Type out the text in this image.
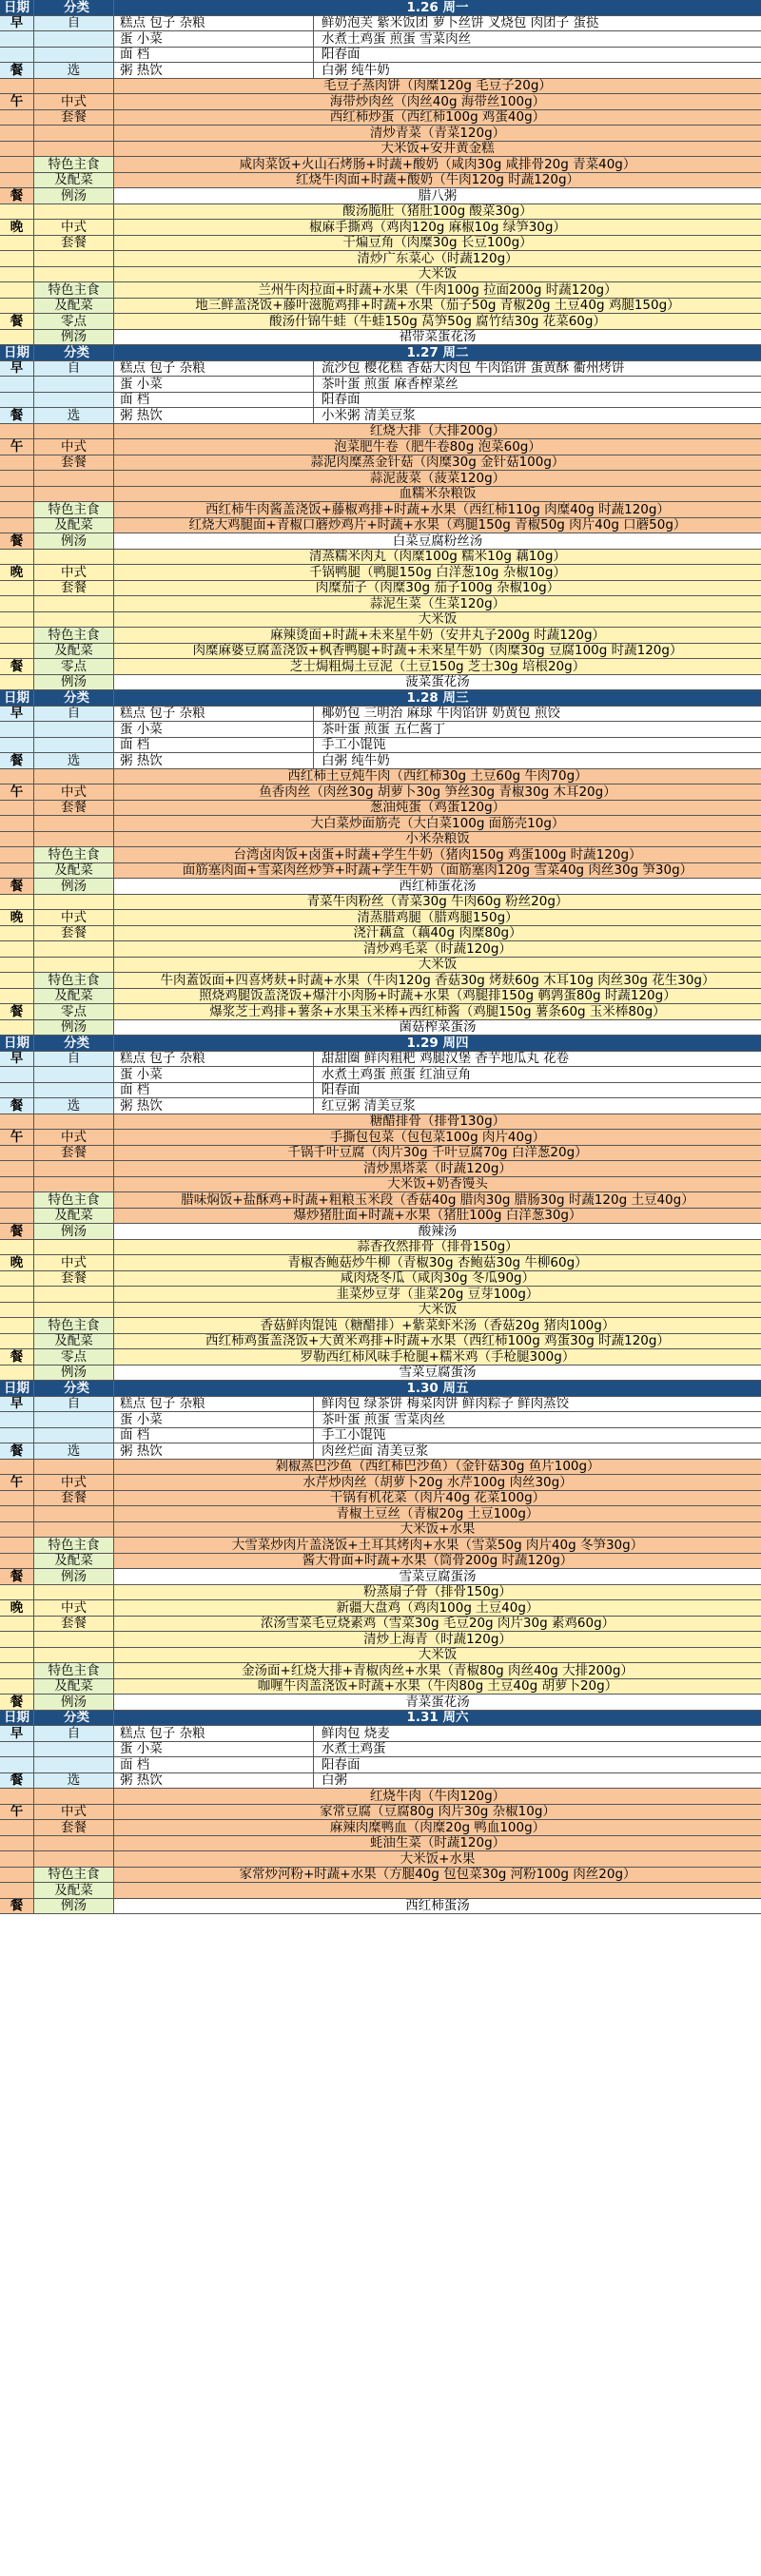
日期	分类	1.26 周一
早	自	糕点 包子 杂粮	鲜奶泡芙 紫米饭团 萝卜丝饼 叉烧包 肉团子 蛋挞
蛋 小菜	水煮土鸡蛋 煎蛋 雪菜肉丝
面 档	阳春面
餐	选	粥 热饮	白粥 纯牛奶
毛豆子蒸肉饼（肉糜120g 毛豆子20g）
午	中式	海带炒肉丝（肉丝40g 海带丝100g）
套餐	西红柿炒蛋（西红柿100g 鸡蛋40g）
清炒青菜（青菜120g）
大米饭+安井黄金糕
特色主食	咸肉菜饭+火山石烤肠+时蔬+酸奶（咸肉30g 咸排骨20g 青菜40g）
及配菜	红烧牛肉面+时蔬+酸奶（牛肉120g 时蔬120g）
餐	例汤	腊八粥
酸汤脆肚（猪肚100g 酸菜30g）
晚	中式	椒麻手撕鸡（鸡肉120g 麻椒10g 绿笋30g）
套餐	干煸豆角（肉糜30g 长豆100g）
清炒广东菜心（时蔬120g）
大米饭
特色主食	兰州牛肉拉面+时蔬+水果（牛肉100g 拉面200g 时蔬120g）
及配菜	地三鲜盖浇饭+藤叶滋脆鸡排+时蔬+水果（茄子50g 青椒20g 土豆40g 鸡腿150g）
餐	零点	酸汤什锦牛蛙（牛蛙150g 莴笋50g 腐竹结30g 花菜60g）
例汤	裙带菜蛋花汤
日期	分类	1.27 周二
早	自	糕点 包子 杂粮	流沙包 樱花糕 香菇大肉包 牛肉馅饼 蛋黄酥 衢州烤饼
蛋 小菜	茶叶蛋 煎蛋 麻香榨菜丝
面 档	阳春面
餐	选	粥 热饮	小米粥 清美豆浆
红烧大排（大排200g）
午	中式	泡菜肥牛卷（肥牛卷80g 泡菜60g）
套餐	蒜泥肉糜蒸金针菇（肉糜30g 金针菇100g）
蒜泥菠菜（菠菜120g）
血糯米杂粮饭
特色主食	西红柿牛肉酱盖浇饭+藤椒鸡排+时蔬+水果（西红柿110g 肉糜40g 时蔬120g）
及配菜	红烧大鸡腿面+青椒口蘑炒鸡片+时蔬+水果（鸡腿150g 青椒50g 肉片40g 口蘑50g）
餐	例汤	白菜豆腐粉丝汤
清蒸糯米肉丸（肉糜100g 糯米10g 藕10g）
晚	中式	千锅鸭腿（鸭腿150g 白洋葱10g 杂椒10g）
套餐	肉糜茄子（肉糜30g 茄子100g 杂椒10g）
蒜泥生菜（生菜120g）
大米饭
特色主食	麻辣烫面+时蔬+未来星牛奶（安井丸子200g 时蔬120g）
及配菜	肉糜麻婆豆腐盖浇饭+枫香鸭腿+时蔬+未来星牛奶（肉糜30g 豆腐100g 时蔬120g）
餐	零点	芝士焗粗焗土豆泥（土豆150g 芝士30g 培根20g）
例汤	菠菜蛋花汤
日期	分类	1.28 周三
早	自	糕点 包子 杂粮	椰奶包 三明治 麻球 牛肉馅饼 奶黄包 煎饺
蛋 小菜	茶叶蛋 煎蛋 五仁酱丁
面 档	手工小馄饨
餐	选	粥 热饮	白粥 纯牛奶
西红柿土豆炖牛肉（西红柿30g 土豆60g 牛肉70g）
午	中式	鱼香肉丝（肉丝30g 胡萝卜30g 笋丝30g 青椒30g 木耳20g）
套餐	葱油炖蛋（鸡蛋120g）
大白菜炒面筋壳（大白菜100g 面筋壳10g）
小米杂粮饭
特色主食	台湾卤肉饭+卤蛋+时蔬+学生牛奶（猪肉150g 鸡蛋100g 时蔬120g）
及配菜	面筋塞肉面+雪菜肉丝炒笋+时蔬+学生牛奶（面筋塞肉120g 雪菜40g 肉丝30g 笋30g）
餐	例汤	西红柿蛋花汤
青菜牛肉粉丝（青菜30g 牛肉60g 粉丝20g）
晚	中式	清蒸腊鸡腿（腊鸡腿150g）
套餐	浇汁藕盒（藕40g 肉糜80g）
清炒鸡毛菜（时蔬120g）
大米饭
特色主食	牛肉蓋饭面+四喜烤麸+时蔬+水果（牛肉120g 香菇30g 烤麸60g 木耳10g 肉丝30g 花生30g）
及配菜	照烧鸡腿饭盖浇饭+爆汁小肉肠+时蔬+水果（鸡腿排150g 鹌鹑蛋80g 时蔬120g）
餐	零点	爆浆芝士鸡排+薯条+水果玉米棒+西红柿酱（鸡腿150g 薯条60g 玉米棒80g）
例汤	菌菇榨菜蛋汤
日期	分类	1.29 周四
早	自	糕点 包子 杂粮	甜甜圈 鲜肉粗粑 鸡腿汉堡 香芋地瓜丸 花卷
蛋 小菜	水煮土鸡蛋 煎蛋 红油豆角
面 档	阳春面
餐	选	粥 热饮	红豆粥 清美豆浆
糖醋排骨（排骨130g）
午	中式	手撕包包菜（包包菜100g 肉片40g）
套餐	千锅千叶豆腐（肉片30g 千叶豆腐70g 白洋葱20g）
清炒黑塔菜（时蔬120g）
大米饭+奶香馒头
特色主食	腊味焖饭+盐酥鸡+时蔬+粗粮玉米段（香菇40g 腊肉30g 腊肠30g 时蔬120g 土豆40g）
及配菜	爆炒猪肚面+时蔬+水果（猪肚100g 白洋葱30g）
餐	例汤	酸辣汤
蒜香孜然排骨（排骨150g）
晚	中式	青椒杏鲍菇炒牛柳（青椒30g 杏鲍菇30g 牛柳60g）
套餐	咸肉烧冬瓜（咸肉30g 冬瓜90g）
韭菜炒豆芽（韭菜20g 豆芽100g）
大米饭
特色主食	香菇鲜肉馄饨（糖醋排）+紫菜虾米汤（香菇20g 猪肉100g）
及配菜	西红柿鸡蛋盖浇饭+大黄米鸡排+时蔬+水果（西红柿100g 鸡蛋30g 时蔬120g）
餐	零点	罗勒西红柿风味手枪腿+糯米鸡（手枪腿300g）
例汤	雪菜豆腐蛋汤
日期	分类	1.30 周五
早	自	糕点 包子 杂粮	鲜肉包 绿茶饼 梅菜肉饼 鲜肉粽子 鲜肉蒸饺
蛋 小菜	茶叶蛋 煎蛋 雪菜肉丝
面 档	手工小馄饨
餐	选	粥 热饮	肉丝烂面 清美豆浆
剁椒蒸巴沙鱼（西红柿巴沙鱼）（金针菇30g 鱼片100g）
午	中式	水芹炒肉丝（胡萝卜20g 水芹100g 肉丝30g）
套餐	干锅有机花菜（肉片40g 花菜100g）
青椒土豆丝（青椒20g 土豆100g）
大米饭+水果
特色主食	大雪菜炒肉片盖浇饭+土耳其烤肉+水果（雪菜50g 肉片40g 冬笋30g）
及配菜	酱大骨面+时蔬+水果（筒骨200g 时蔬120g）
餐	例汤	雪菜豆腐蛋汤
粉蒸扇子骨（排骨150g）
晚	中式	新疆大盘鸡（鸡肉100g 土豆40g）
套餐	浓汤雪菜毛豆烧素鸡（雪菜30g 毛豆20g 肉片30g 素鸡60g）
清炒上海青（时蔬120g）
大米饭
特色主食	金汤面+红烧大排+青椒肉丝+水果（青椒80g 肉丝40g 大排200g）
及配菜	咖喱牛肉盖浇饭+时蔬+水果（牛肉80g 土豆40g 胡萝卜20g）
餐	例汤	青菜蛋花汤
日期	分类	1.31 周六
早	自	糕点 包子 杂粮	鲜肉包 烧麦
蛋 小菜	水煮土鸡蛋
面 档	阳春面
餐	选	粥 热饮	白粥
红烧牛肉（牛肉120g）
午	中式	家常豆腐（豆腐80g 肉片30g 杂椒10g）
套餐	麻辣肉糜鸭血（肉糜20g 鸭血100g）
蚝油生菜（时蔬120g）
大米饭+水果
特色主食	家常炒河粉+时蔬+水果（方腿40g 包包菜30g 河粉100g 肉丝20g）
及配菜
餐	例汤	西红柿蛋汤
